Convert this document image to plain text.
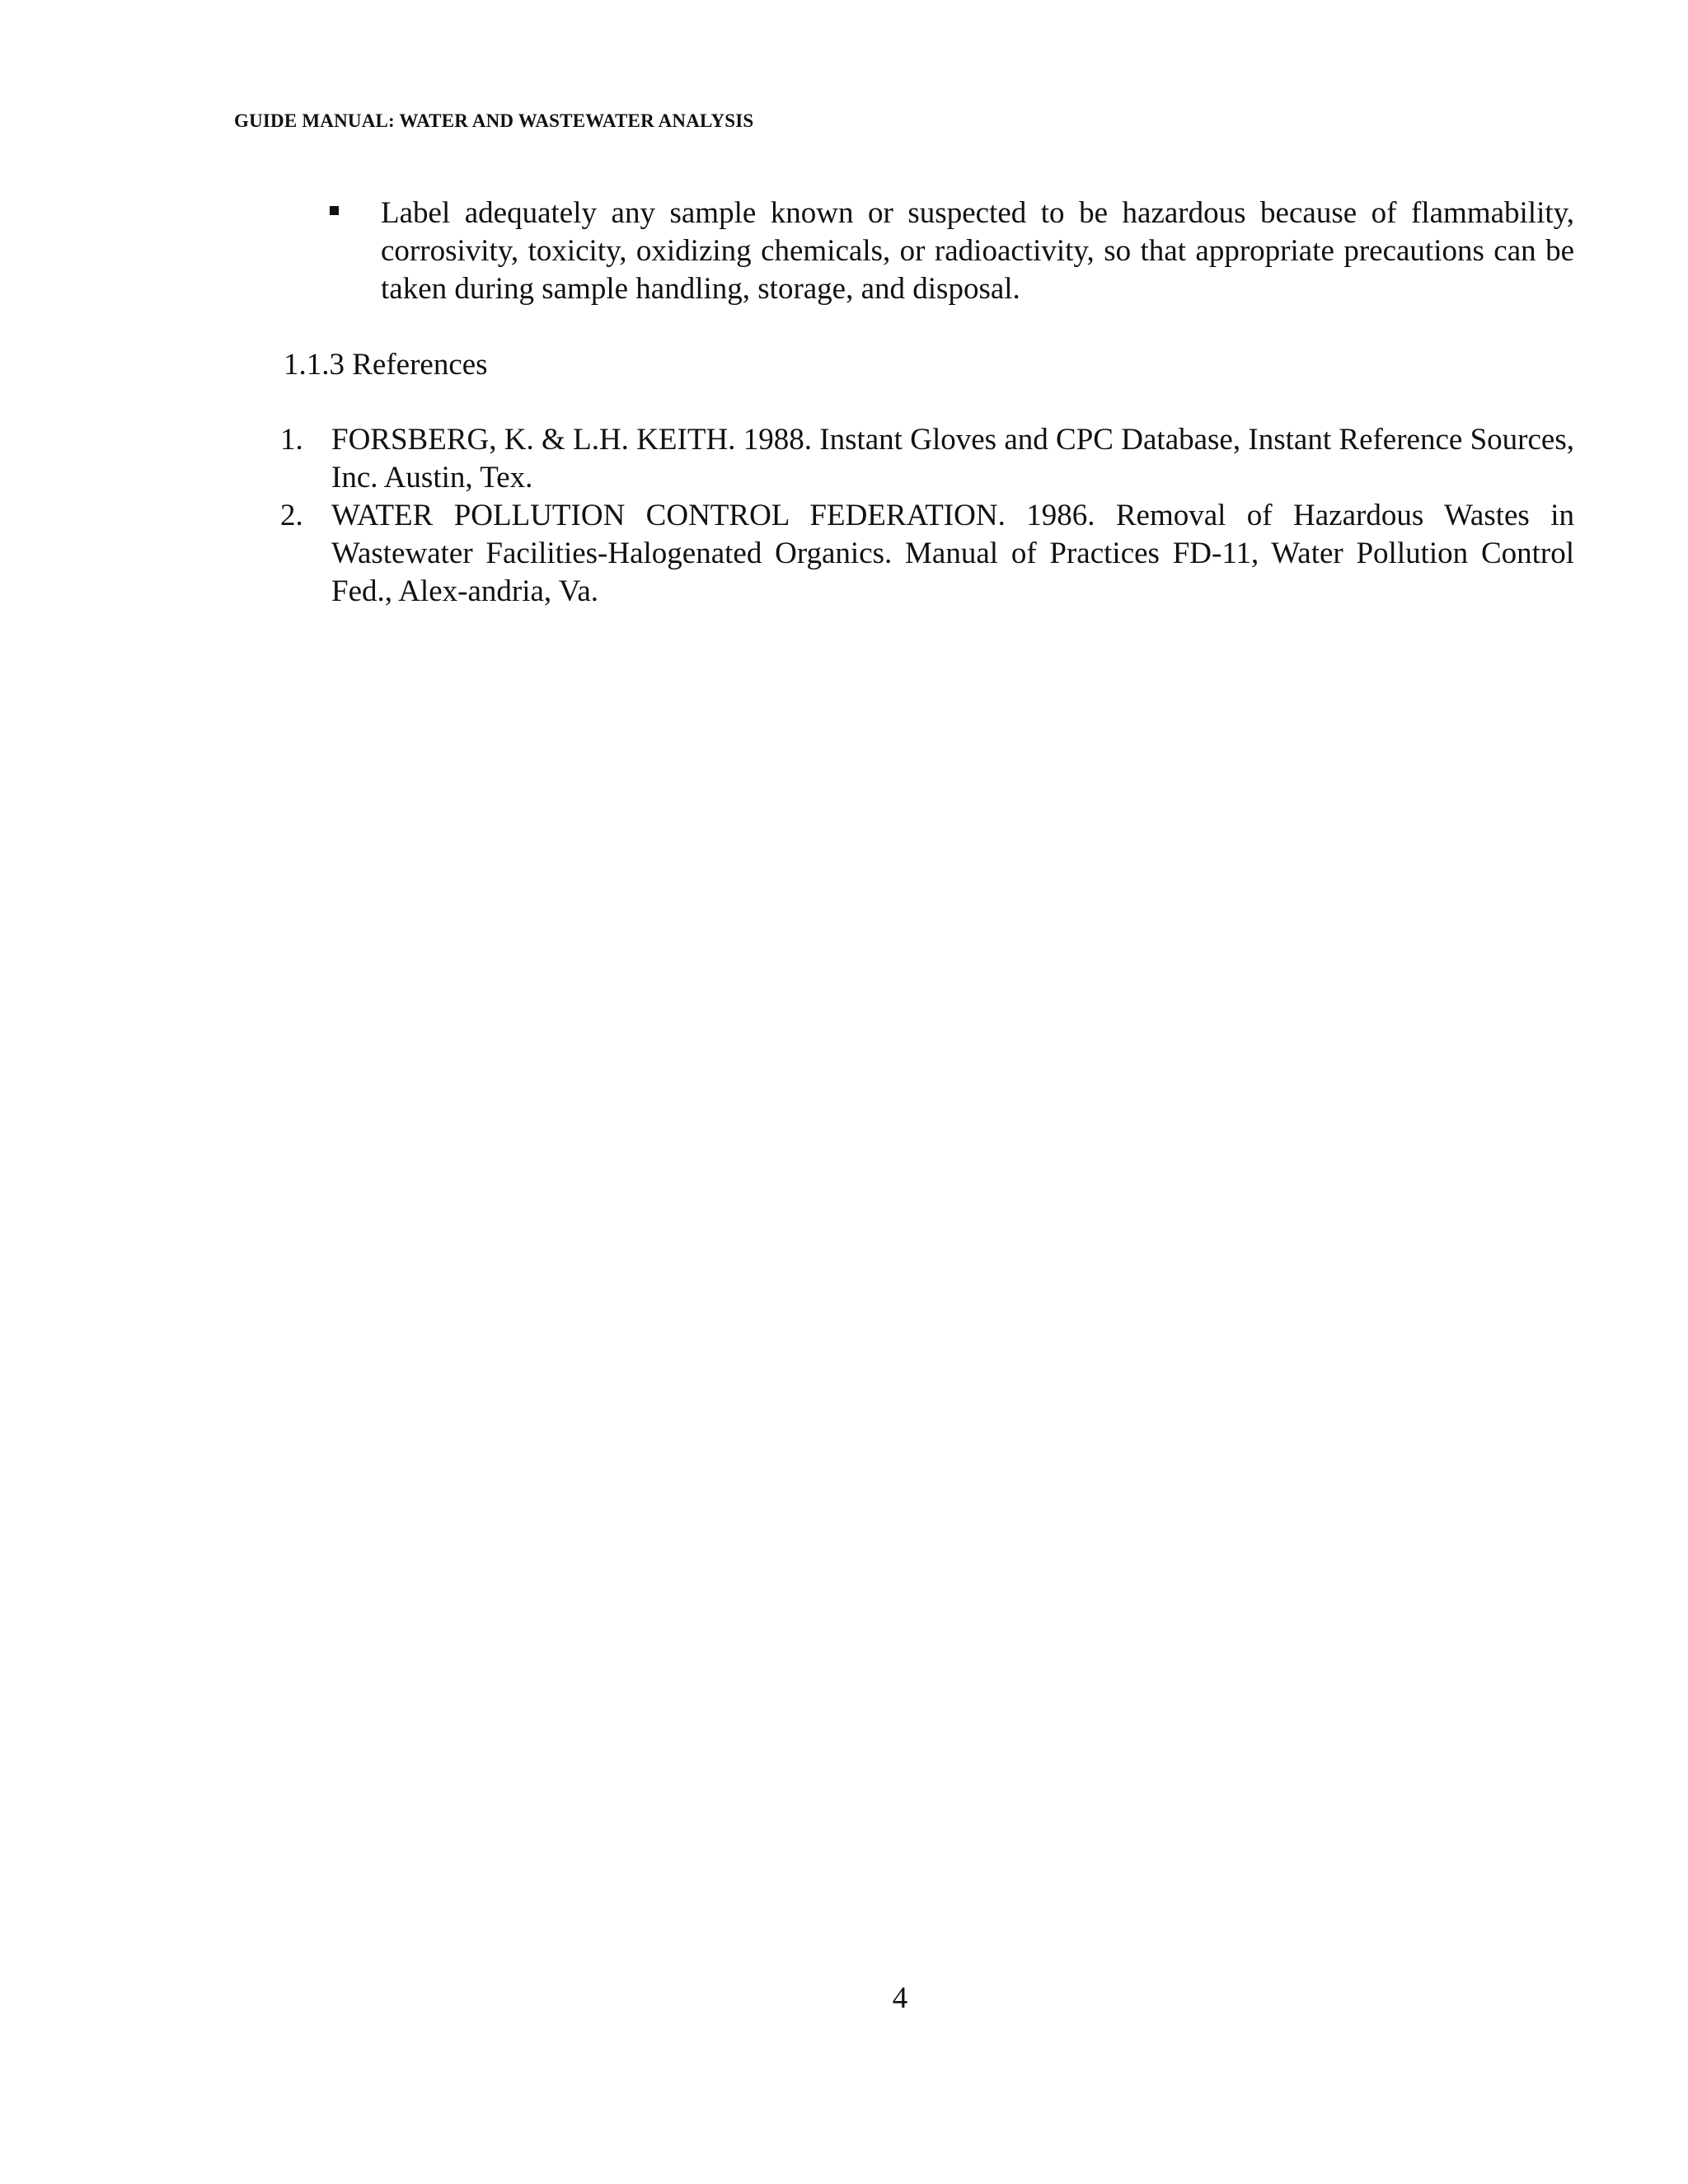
GUIDE MANUAL: WATER AND WASTEWATER ANALYSIS
Label adequately any sample known or suspected to be hazardous because of flammability, corrosivity, toxicity, oxidizing chemicals, or radioactivity, so that appropriate precautions can be taken during sample handling, storage, and disposal.
1.1.3 References
1. FORSBERG, K. & L.H. KEITH. 1988. Instant Gloves and CPC Database, Instant Reference Sources, Inc. Austin, Tex.
2. WATER POLLUTION CONTROL FEDERATION. 1986. Removal of Hazardous Wastes in Wastewater Facilities-Halogenated Organics. Manual of Practices FD-11, Water Pollution Control Fed., Alex-andria, Va.
4
